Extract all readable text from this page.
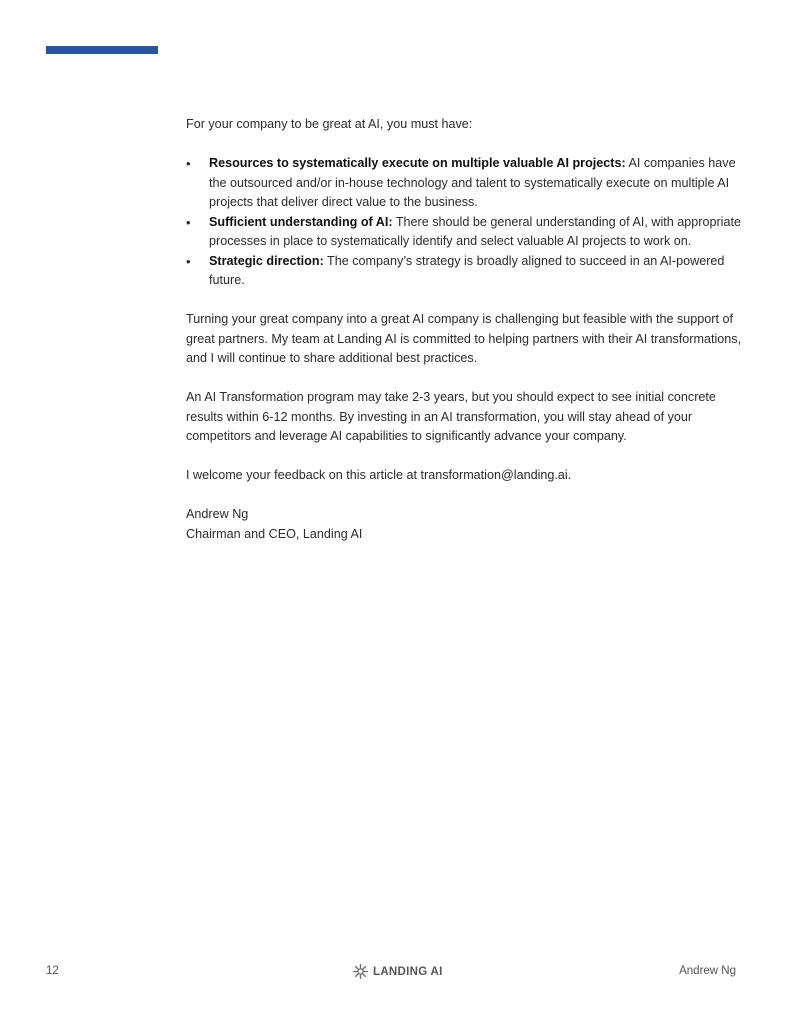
For your company to be great at AI, you must have:

• Resources to systematically execute on multiple valuable AI projects: AI companies have the outsourced and/or in-house technology and talent to systematically execute on multiple AI projects that deliver direct value to the business.
• Sufficient understanding of AI: There should be general understanding of AI, with appropriate processes in place to systematically identify and select valuable AI projects to work on.
• Strategic direction: The company’s strategy is broadly aligned to succeed in an AI-powered future.

Turning your great company into a great AI company is challenging but feasible with the support of great partners. My team at Landing AI is committed to helping partners with their AI transformations, and I will continue to share additional best practices.

An AI Transformation program may take 2-3 years, but you should expect to see initial concrete results within 6-12 months. By investing in an AI transformation, you will stay ahead of your competitors and leverage AI capabilities to significantly advance your company.

I welcome your feedback on this article at transformation@landing.ai.

Andrew Ng

Chairman and CEO, Landing AI

12	LANDING AI	Andrew Ng
